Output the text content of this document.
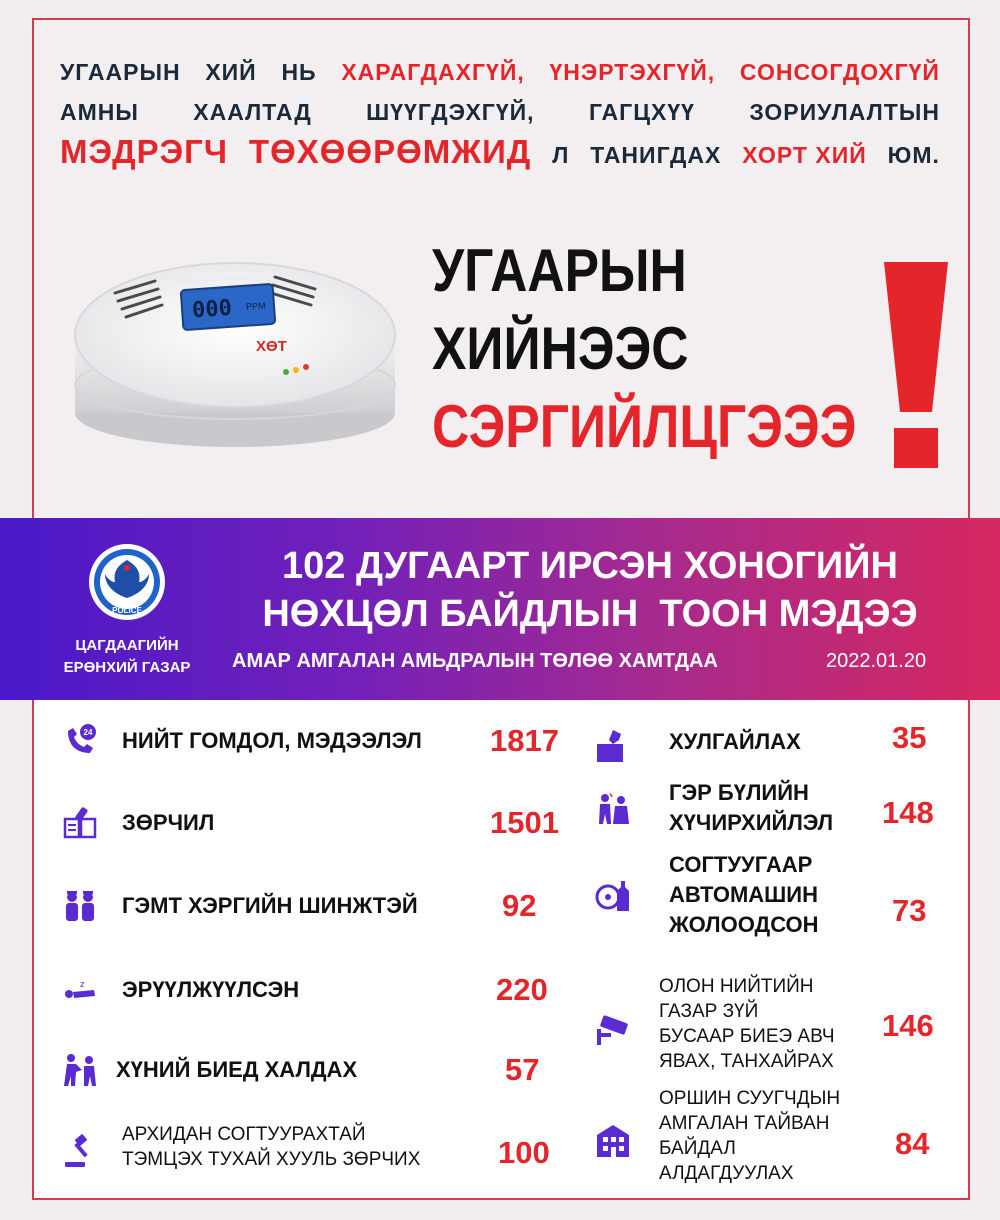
УГААРЫН ХИЙ НЬ ХАРАГДАХГҮЙ, ҮНЭРТЭХГҮЙ, СОНСОГДОХГҮЙ
АМНЫ ХААЛТАД ШҮҮГДЭХГҮЙ, ГАГЦХҮҮ ЗОРИУЛАЛТЫН
МЭДРЭГЧ ТӨХӨӨРӨМЖИД Л ТАНИГДАХ ХОРТ ХИЙ ЮМ.
000 PPM
ХӨТ
УГААРЫН
ХИЙНЭЭС
СЭРГИЙЛЦГЭЭЭ
POLICE
ЦАГДААГИЙН
ЕРӨНХИЙ ГАЗАР
102 ДУГААРТ ИРСЭН ХОНОГИЙН
НӨХЦӨЛ БАЙДЛЫН  ТООН МЭДЭЭ
АМАР АМГАЛАН АМЬДРАЛЫН ТӨЛӨӨ ХАМТДАА	2022.01.20
24 НИЙТ ГОМДОЛ, МЭДЭЭЛЭЛ 1817
ЗӨРЧИЛ	1501
ГЭМТ ХЭРГИЙН ШИНЖТЭЙ	92
z ЭРҮҮЛЖҮҮЛСЭН	220
ХҮНИЙ БИЕД ХАЛДАХ	57
АРХИДАН СОГТУУРАХТАЙ
ТЭМЦЭХ ТУХАЙ ХУУЛЬ ЗӨРЧИХ	100
ХУЛГАЙЛАХ	35
ГЭР БҮЛИЙН
ХҮЧИРХИЙЛЭЛ 148
СОГТУУГААР
АВТОМАШИН
ЖОЛООДСОН 73
ОЛОН НИЙТИЙН
ГАЗАР ЗҮЙ
БУСААР БИЕЭ АВЧ
ЯВАХ, ТАНХАЙРАХ
146
ОРШИН СУУГЧДЫН
АМГАЛАН ТАЙВАН
БАЙДАЛ
АЛДАГДУУЛАХ
84
